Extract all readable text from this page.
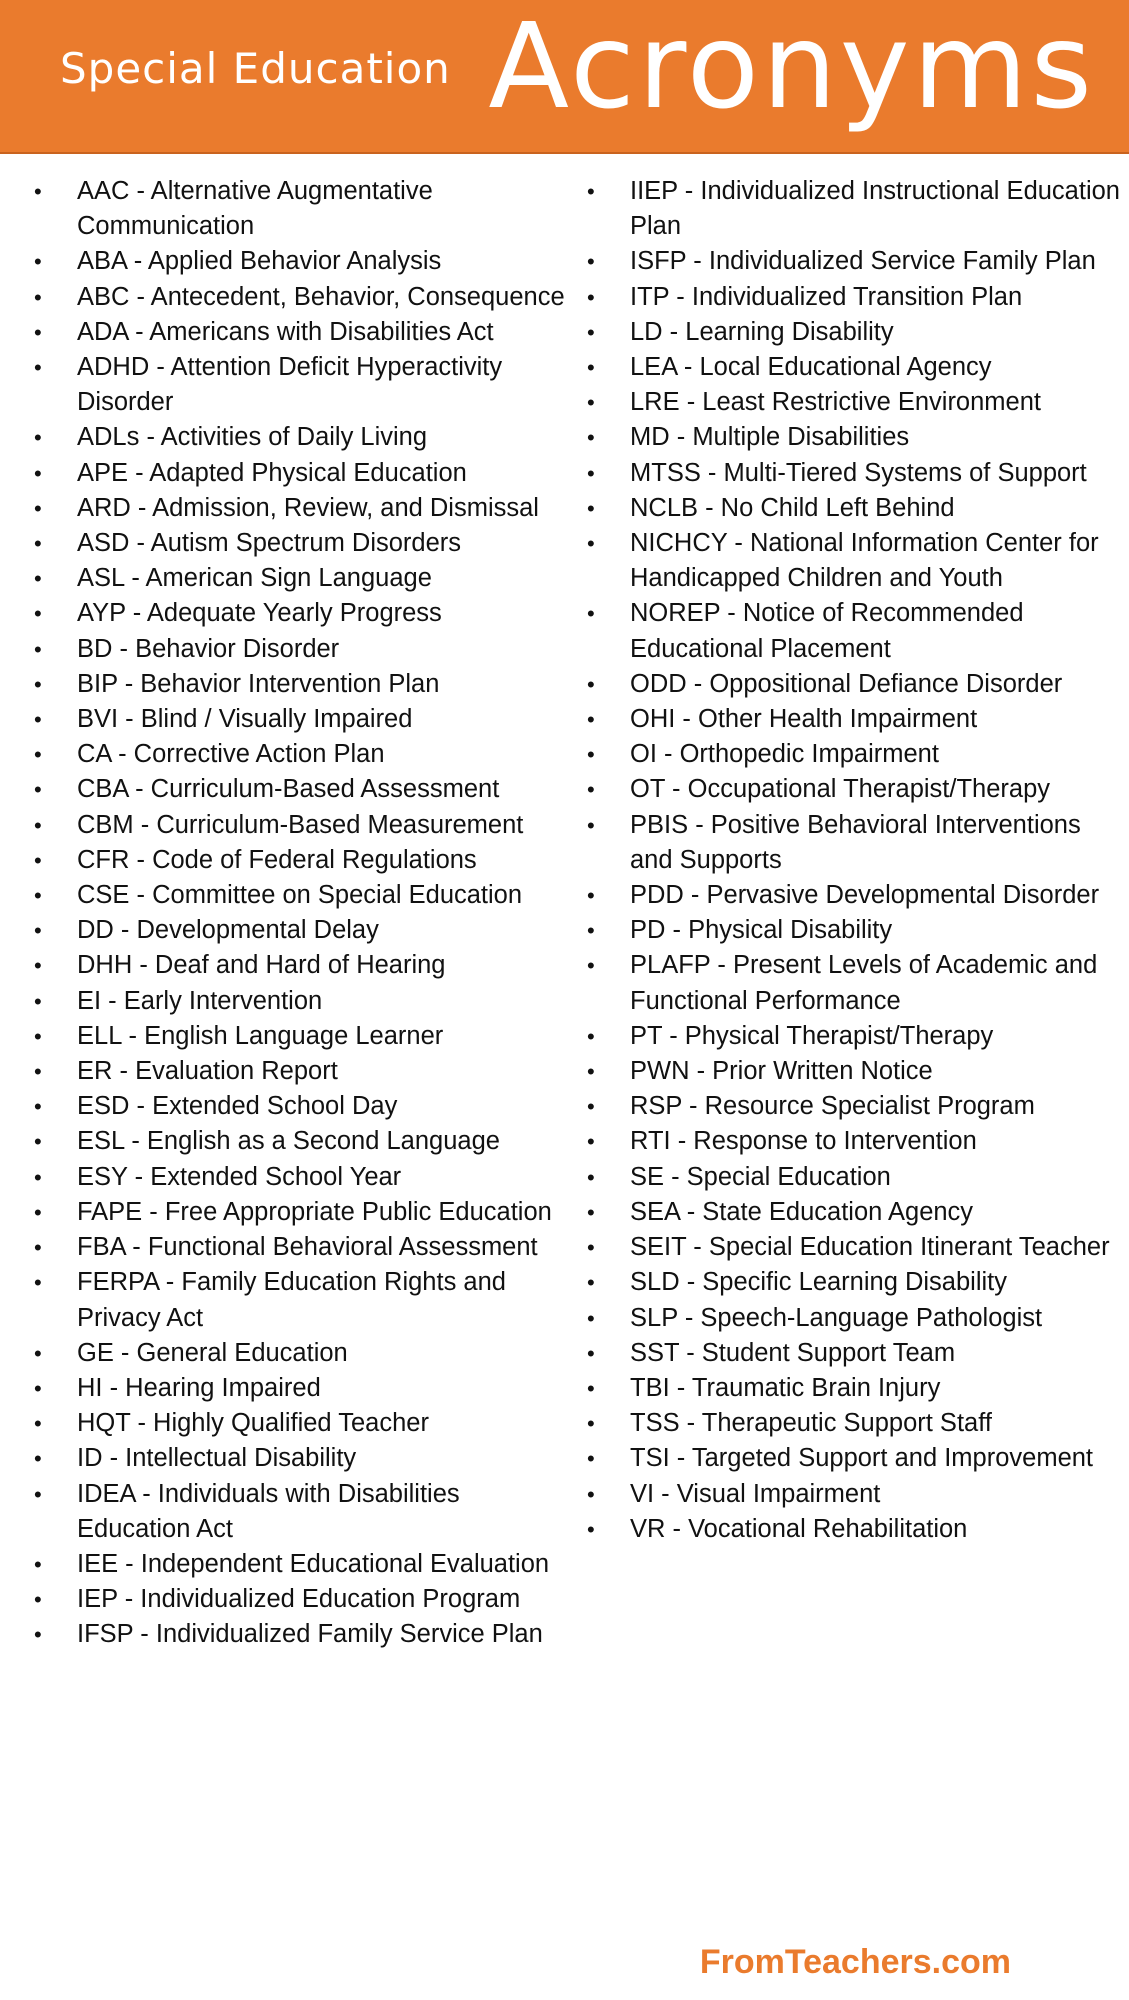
Special Education Acronyms
• AAC - Alternative Augmentative Communication
• ABA - Applied Behavior Analysis
• ABC - Antecedent, Behavior, Consequence
• ADA - Americans with Disabilities Act
• ADHD - Attention Deficit Hyperactivity Disorder
• ADLs - Activities of Daily Living
• APE - Adapted Physical Education
• ARD - Admission, Review, and Dismissal
• ASD - Autism Spectrum Disorders
• ASL - American Sign Language
• AYP - Adequate Yearly Progress
• BD - Behavior Disorder
• BIP - Behavior Intervention Plan
• BVI - Blind / Visually Impaired
• CA - Corrective Action Plan
• CBA - Curriculum-Based Assessment
• CBM - Curriculum-Based Measurement
• CFR - Code of Federal Regulations
• CSE - Committee on Special Education
• DD - Developmental Delay
• DHH - Deaf and Hard of Hearing
• EI - Early Intervention
• ELL - English Language Learner
• ER - Evaluation Report
• ESD - Extended School Day
• ESL - English as a Second Language
• ESY - Extended School Year
• FAPE - Free Appropriate Public Education
• FBA - Functional Behavioral Assessment
• FERPA - Family Education Rights and Privacy Act
• GE - General Education
• HI - Hearing Impaired
• HQT - Highly Qualified Teacher
• ID - Intellectual Disability
• IDEA - Individuals with Disabilities Education Act
• IEE - Independent Educational Evaluation
• IEP - Individualized Education Program
• IFSP - Individualized Family Service Plan
• IIEP - Individualized Instructional Education Plan
• ISFP - Individualized Service Family Plan
• ITP - Individualized Transition Plan
• LD - Learning Disability
• LEA - Local Educational Agency
• LRE - Least Restrictive Environment
• MD - Multiple Disabilities
• MTSS - Multi-Tiered Systems of Support
• NCLB - No Child Left Behind
• NICHCY - National Information Center for Handicapped Children and Youth
• NOREP - Notice of Recommended Educational Placement
• ODD - Oppositional Defiance Disorder
• OHI - Other Health Impairment
• OI - Orthopedic Impairment
• OT - Occupational Therapist/Therapy
• PBIS - Positive Behavioral Interventions and Supports
• PDD - Pervasive Developmental Disorder
• PD - Physical Disability
• PLAFP - Present Levels of Academic and Functional Performance
• PT - Physical Therapist/Therapy
• PWN - Prior Written Notice
• RSP - Resource Specialist Program
• RTI - Response to Intervention
• SE - Special Education
• SEA - State Education Agency
• SEIT - Special Education Itinerant Teacher
• SLD - Specific Learning Disability
• SLP - Speech-Language Pathologist
• SST - Student Support Team
• TBI - Traumatic Brain Injury
• TSS - Therapeutic Support Staff
• TSI - Targeted Support and Improvement
• VI - Visual Impairment
• VR - Vocational Rehabilitation
FromTeachers.com
